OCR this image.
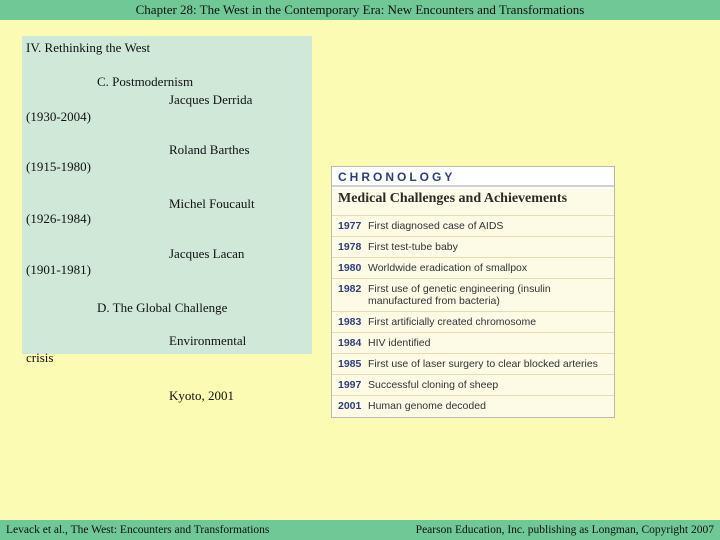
Chapter 28: The West in the Contemporary Era: New Encounters and Transformations
IV. Rethinking the West
C. Postmodernism
Jacques Derrida
(1930-2004)
Roland Barthes
(1915-1980)
Michel Foucault
(1926-1984)
Jacques Lacan
(1901-1981)
D. The Global Challenge
Environmental
crisis
Kyoto, 2001
CHRONOLOGY
Medical Challenges and Achievements
1977 First diagnosed case of AIDS
1978 First test-tube baby
1980 Worldwide eradication of smallpox
1982 First use of genetic engineering (insulin manufactured from bacteria)
1983 First artificially created chromosome
1984 HIV identified
1985 First use of laser surgery to clear blocked arteries
1997 Successful cloning of sheep
2001 Human genome decoded
Levack et al., The West: Encounters and Transformations	Pearson Education, Inc. publishing as Longman, Copyright 2007
